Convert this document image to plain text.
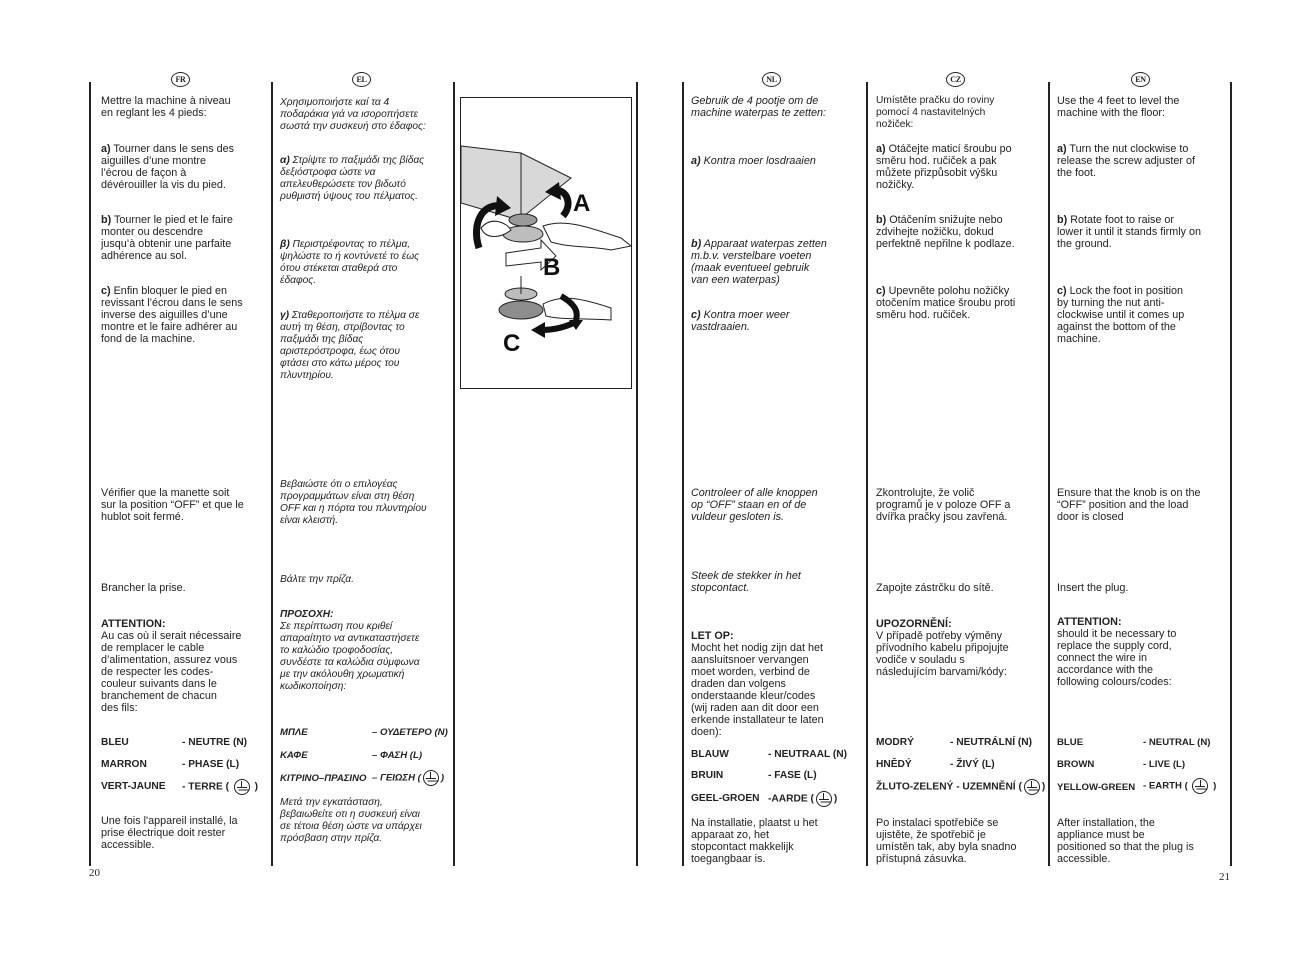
20	21
FR
Mettre la machine à niveau
en reglant les 4 pieds:
a) Tourner dans le sens des
aiguilles d’une montre
l’écrou de façon à
dévérouiller la vis du pied.
b) Tourner le pied et le faire
monter ou descendre
jusqu’à obtenir une parfaite
adhérence au sol.
c) Enfin bloquer le pied en
revissant l’écrou dans le sens
inverse des aiguilles d’une
montre et le faire adhérer au
fond de la machine.
Vérifier que la manette soit
sur la position “OFF” et que le
hublot soit fermé.
Brancher la prise.
ATTENTION:
Au cas où il serait nécessaire
de remplacer le cable
d’alimentation, assurez vous
de respecter les codes-
couleur suivants dans le
branchement de chacun
des fils:
BLEU	- NEUTRE (N)
MARRON	- PHASE (L)
VERT-JAUNE - TERRE (  )
Une fois l'appareil installé, la
prise électrique doit rester
accessible.
EL
Χρησιμοποιήστε καί τα 4
ποδαράκια γιά να ισοροπήσετε
σωστά την συσκευή στο έδαφος:
α) Στρίψτε το παξιμάδι της βίδας
δεξιόστροφα ώστε να
απελευθερώσετε τον βιδωτό
ρυθμιστή ύψους του πέλματος.
β) Περιστρέφοντας το πέλμα,
ψηλώστε το ή κοντύνετέ το έως
ότου στέκεται σταθερά στο
έδαφος.
γ) Σταθεροποιήστε το πέλμα σε
αυτή τη θέση, στρίβοντας το
παξιμάδι της βίδας
αριστερόστροφα, έως ότου
φτάσει στο κάτω μέρος του
πλυντηρίου.
Βεβαιώστε ότι ο επιλογέας
προγραμμάτων είναι στη θέση
OFF και η πόρτα του πλυντηρίου
είναι κλειστή.
Βάλτε την πρίζα.
ΠΡΟΣΟΧΗ:
Σε περίπτωση που κριθεί
απαραίτητο να αντικαταστήσετε
το καλώδιο τροφοδοσίας,
συνδέστε τα καλώδια σύμφωνα
με την ακόλουθη χρωματική
κωδικοποίηση:
ΜΠΛΕ	– ΟΥΔΕΤΕΡΟ (N)
ΚΑΦΕ	– ΦΑΣΗ (L)
ΚΙΤΡΙΝΟ–ΠΡΑΣΙΝΟ – ΓΕΙΩΣΗ ( )
Μετά την εγκατάσταση,
βεβαιωθείτε οτι η συσκευή είναι
σε τέτοια θέση ώστε να υπάρχει
πρόσβαση στην πρίζα.
A
B
C
NL
Gebruik de 4 pootje om de
machine waterpas te zetten:
a) Kontra moer losdraaien
b) Apparaat waterpas zetten
m.b.v. verstelbare voeten
(maak eventueel gebruik
van een waterpas)
c) Kontra moer weer
vastdraaien.
Controleer of alle knoppen
op “OFF” staan en of de
vuldeur gesloten is.
Steek de stekker in het
stopcontact.
LET OP:
Mocht het nodig zijn dat het
aansluitsnoer vervangen
moet worden, verbind de
draden dan volgens
onderstaande kleur/codes
(wij raden aan dit door een
erkende installateur te laten
doen):
BLAUW	- NEUTRAAL (N)
BRUIN	- FASE (L)
GEEL-GROEN -AARDE ( )
Na installatie, plaatst u het
apparaat zo, het
stopcontact makkelijk
toegangbaar is.
CZ
Umístěte pračku do roviny
pomocí 4 nastavitelných
nožiček:
a) Otáčejte maticí šroubu po
směru hod. ručiček a pak
můžete přizpůsobit výšku
nožičky.
b) Otáčením snižujte nebo
zdvihejte nožičku, dokud
perfektně nepřilne k podlaze.
c) Upevněte polohu nožičky
otočením matice šroubu proti
směru hod. ručiček.
Zkontrolujte, že volič
programů je v poloze OFF a
dvířka pračky jsou zavřená.
Zapojte zástrčku do sítě.
UPOZORNĚNÍ:
V případě potřeby výměny
přívodního kabelu připojujte
vodiče v souladu s
následujícím barvami/kódy:
MODRÝ	- NEUTRÁLNÍ (N)
HNĚDÝ	- ŽIVÝ (L)
ŽLUTO-ZELENÝ - UZEMNĚNÍ ( )
Po instalaci spotřebiče se
ujistěte, že spotřebič je
umístěn tak, aby byla snadno
přístupná zásuvka.
EN
Use the 4 feet to level the
machine with the floor:
a) Turn the nut clockwise to
release the screw adjuster of
the foot.
b) Rotate foot to raise or
lower it until it stands firmly on
the ground.
c) Lock the foot in position
by turning the nut anti-
clockwise until it comes up
against the bottom of the
machine.
Ensure that the knob is on the
“OFF” position and the load
door is closed
Insert the plug.
ATTENTION:
should it be necessary to
replace the supply cord,
connect the wire in
accordance with the
following colours/codes:
BLUE	- NEUTRAL (N)
BROWN	- LIVE (L)
YELLOW-GREEN - EARTH (  )
After installation, the
appliance must be
positioned so that the plug is
accessible.
